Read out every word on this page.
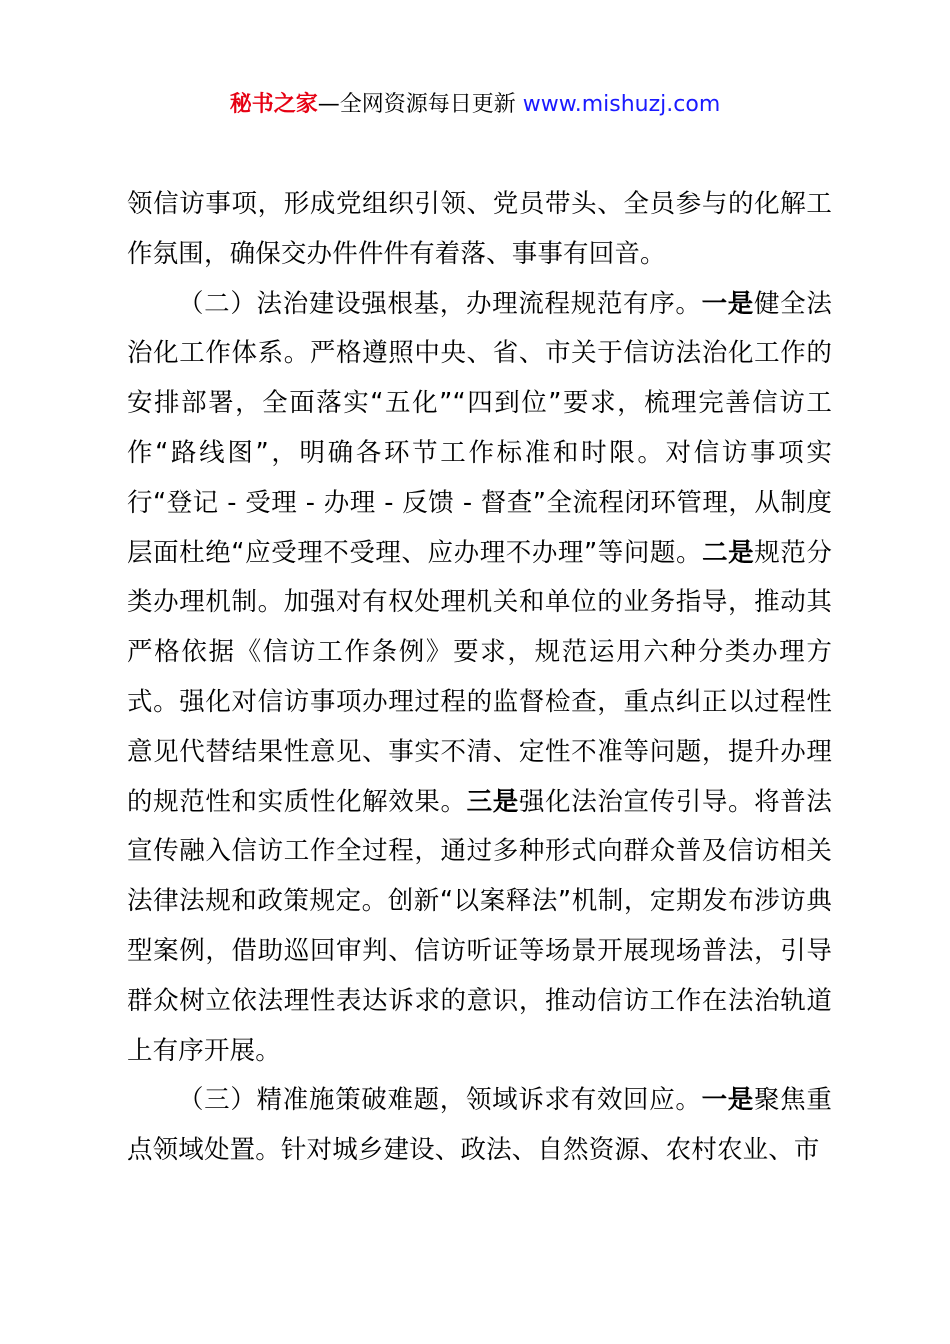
秘书之家—全网资源每日更新 www.mishuzj.com

领信访事项，形成党组织引领、党员带头、全员参与的化解工作氛围，确保交办件件件有着落、事事有回音。

（二）法治建设强根基，办理流程规范有序。一是健全法治化工作体系。严格遵照中央、省、市关于信访法治化工作的安排部署，全面落实“五化”“四到位”要求，梳理完善信访工作“路线图”，明确各环节工作标准和时限。对信访事项实行“登记 - 受理 - 办理 - 反馈 - 督查”全流程闭环管理，从制度层面杜绝“应受理不受理、应办理不办理”等问题。二是规范分类办理机制。加强对有权处理机关和单位的业务指导，推动其严格依据《信访工作条例》要求，规范运用六种分类办理方式。强化对信访事项办理过程的监督检查，重点纠正以过程性意见代替结果性意见、事实不清、定性不准等问题，提升办理的规范性和实质性化解效果。三是强化法治宣传引导。将普法宣传融入信访工作全过程，通过多种形式向群众普及信访相关法律法规和政策规定。创新“以案释法”机制，定期发布涉访典型案例，借助巡回审判、信访听证等场景开展现场普法，引导群众树立依法理性表达诉求的意识，推动信访工作在法治轨道上有序开展。

（三）精准施策破难题，领域诉求有效回应。一是聚焦重点领域处置。针对城乡建设、政法、自然资源、农村农业、市
